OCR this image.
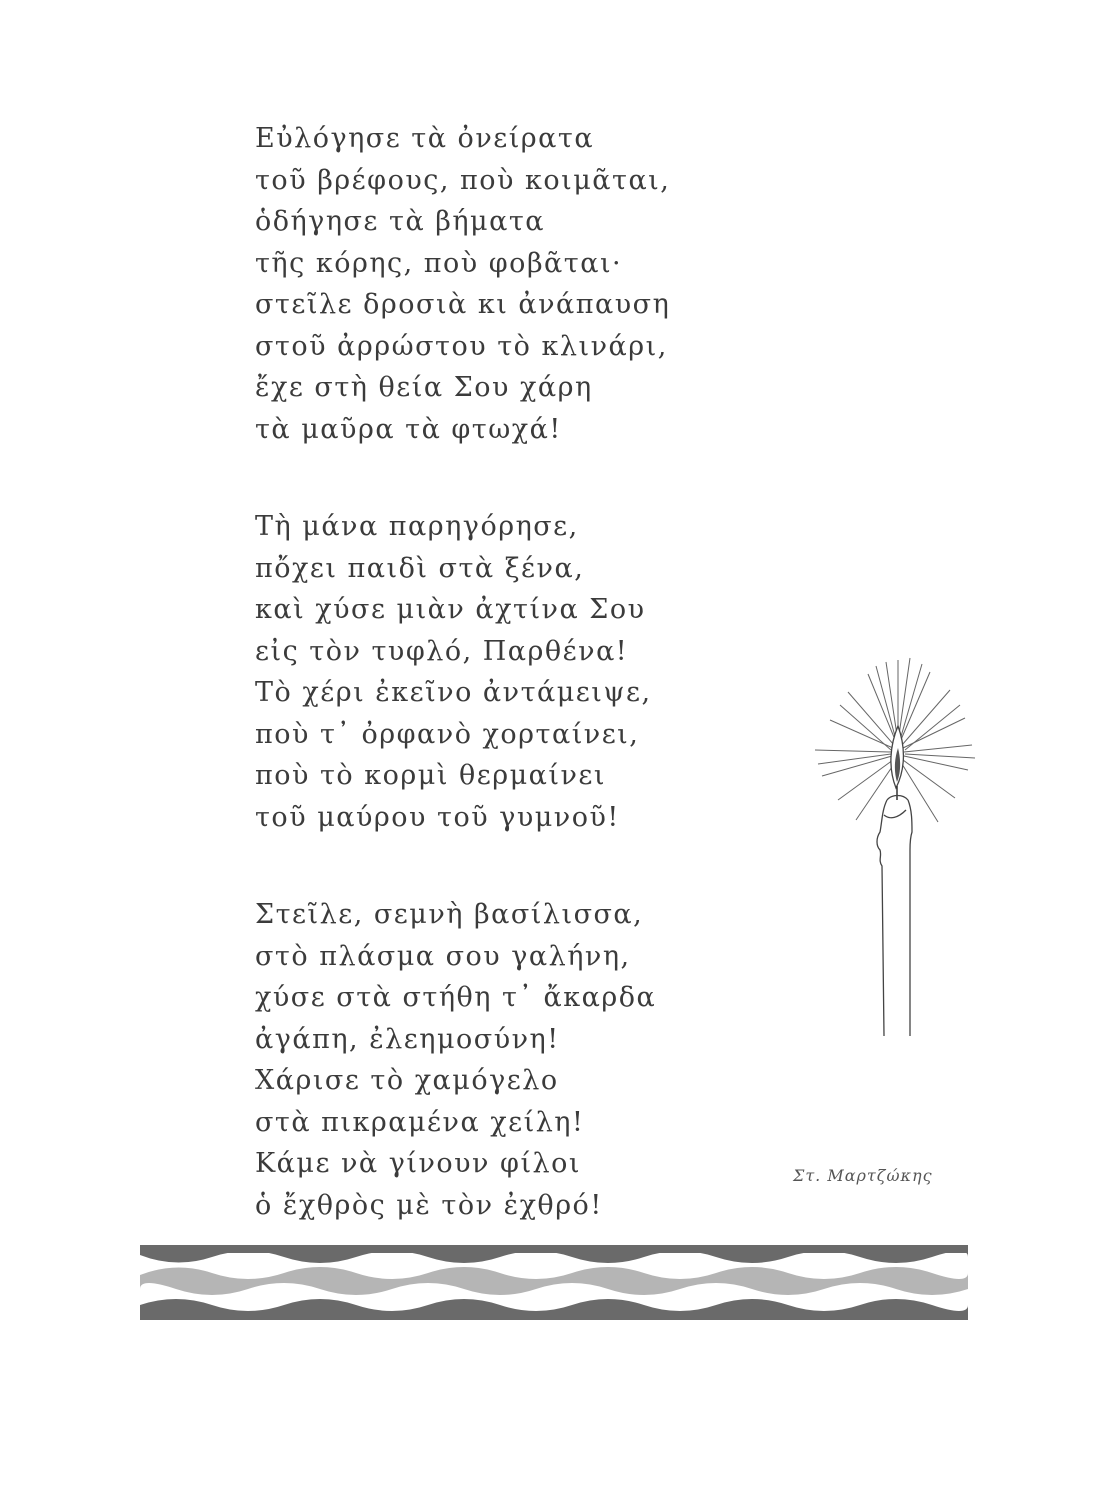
Εὐλόγησε τὰ ὀνείρατα
τοῦ βρέφους, ποὺ κοιμᾶται,
ὁδήγησε τὰ βήματα
τῆς κόρης, ποὺ φοβᾶται·
στεῖλε δροσιὰ κι ἀνάπαυση
στοῦ ἀρρώστου τὸ κλινάρι,
ἔχε στὴ θεία Σου χάρη
τὰ μαῦρα τὰ φτωχά!
Τὴ μάνα παρηγόρησε,
πὄχει παιδὶ στὰ ξένα,
καὶ χύσε μιὰν ἀχτίνα Σου
εἰς τὸν τυφλό, Παρθένα!
Τὸ χέρι ἐκεῖνο ἀντάμειψε,
ποὺ τ᾽ ὀρφανὸ χορταίνει,
ποὺ τὸ κορμὶ θερμαίνει
τοῦ μαύρου τοῦ γυμνοῦ!
Στεῖλε, σεμνὴ βασίλισσα,
στὸ πλάσμα σου γαλήνη,
χύσε στὰ στήθη τ᾽ ἄκαρδα
ἀγάπη, ἐλεημοσύνη!
Χάρισε τὸ χαμόγελο
στὰ πικραμένα χείλη!
Κάμε νὰ γίνουν φίλοι
ὁ ἔχθρὸς μὲ τὸν ἐχθρό!
Στ. Μαρτζώκης
